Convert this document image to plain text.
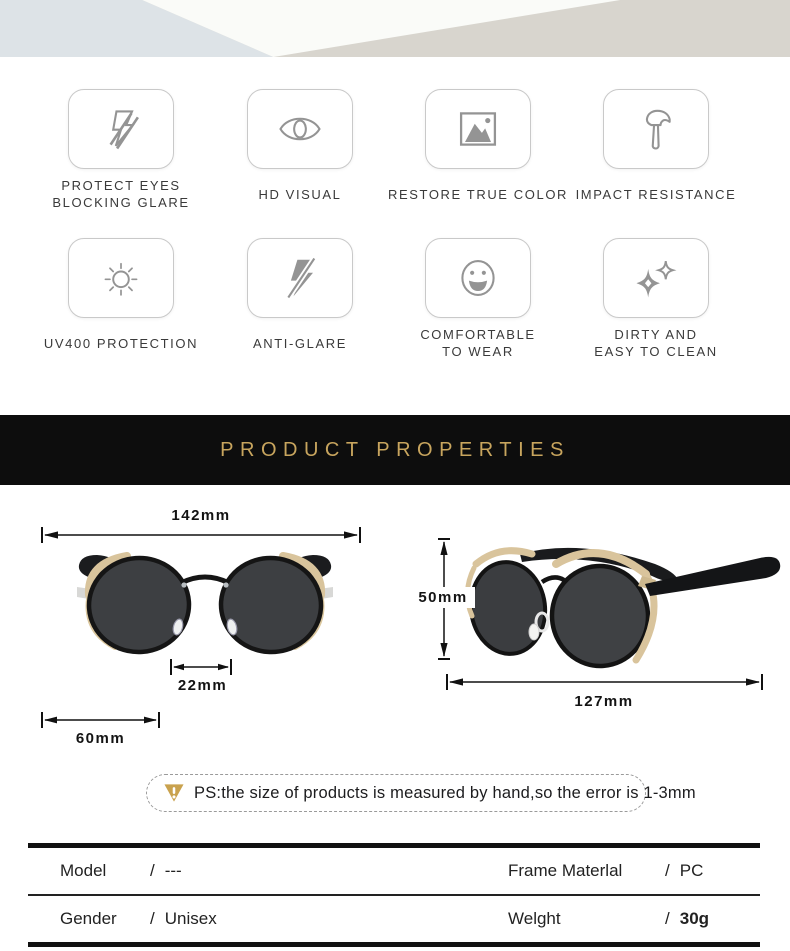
PROTECT EYES
BLOCKING GLARE
HD VISUAL	RESTORE TRUE COLOR IMPACT RESISTANCE
UV400 PROTECTION	ANTI-GLARE
COMFORTABLE
TO WEAR
DIRTY AND
EASY TO CLEAN
PRODUCT PROPERTIES
142mm
22mm
60mm
50mm
127mm
PS:the size of products is measured by hand,so the error is 1-3mm
Model	/ ---	Frame Materlal	/ PC
Gender / Unisex	Welght	/ 30g
